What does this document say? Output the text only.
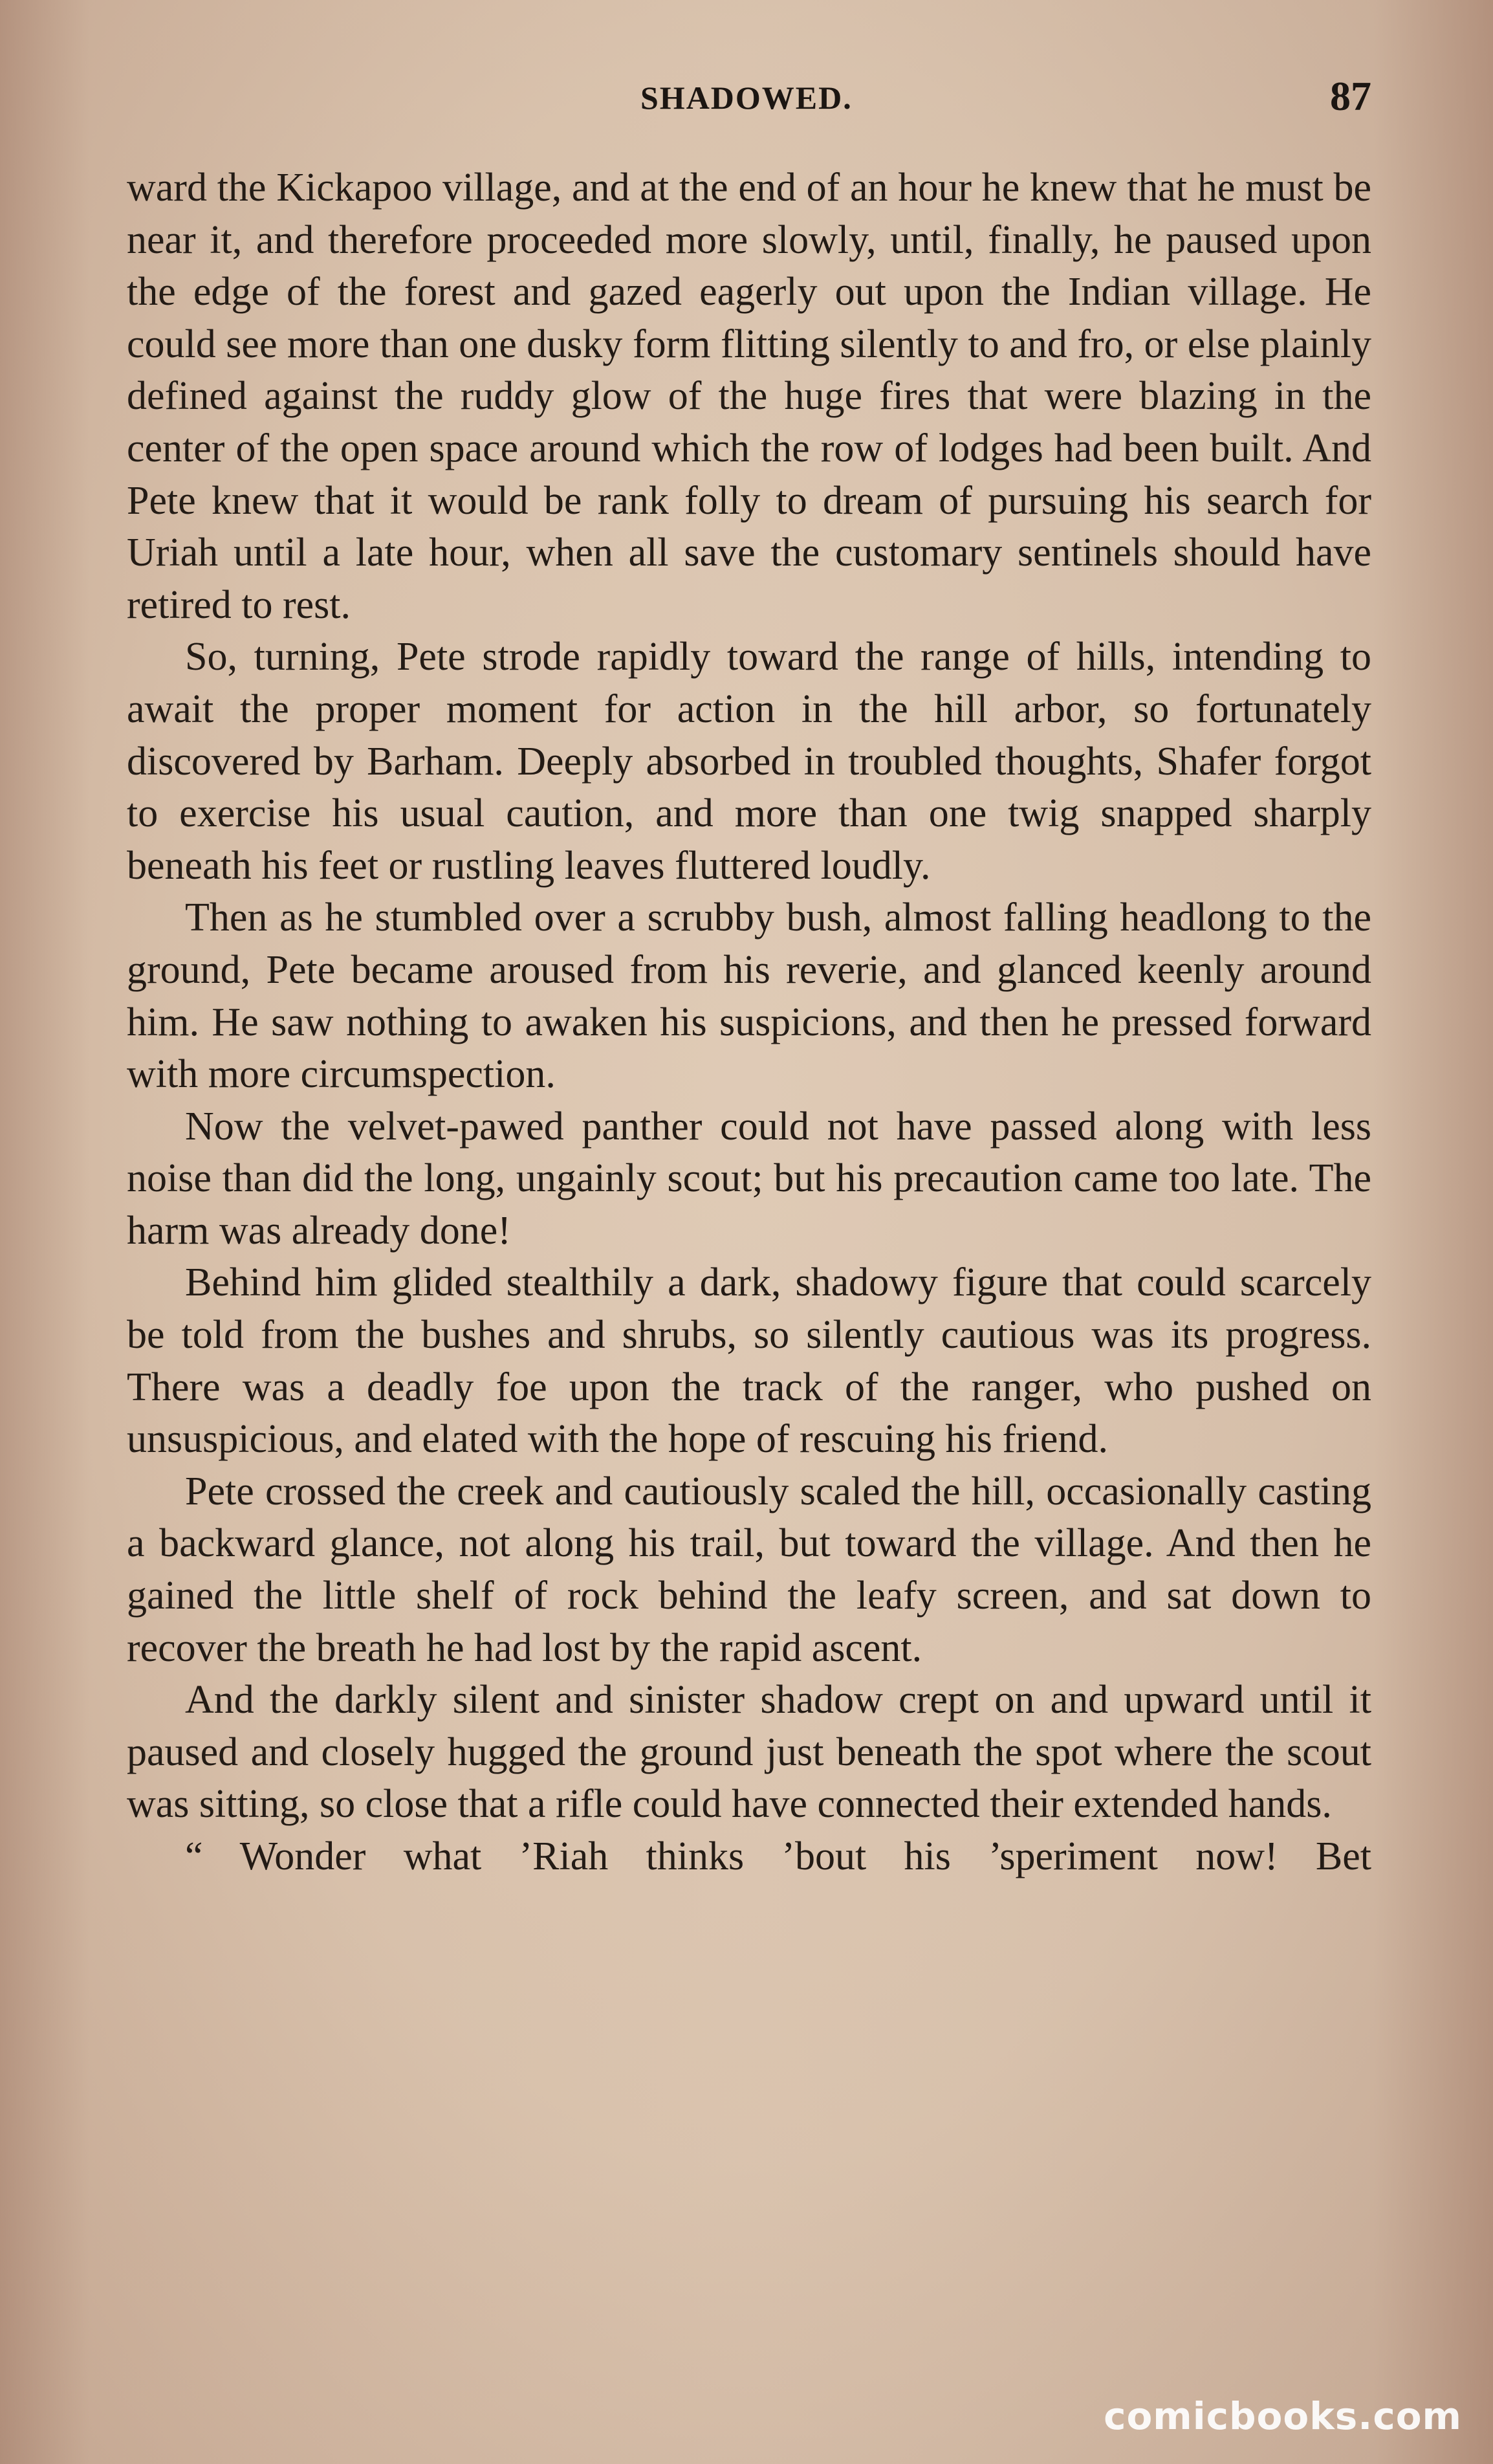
SHADOWED.	87

ward the Kickapoo village, and at the end of an hour he knew that he must be near it, and therefore proceeded more slowly, until, finally, he paused upon the edge of the forest and gazed eagerly out upon the Indian village. He could see more than one dusky form flitting silently to and fro, or else plainly defined against the ruddy glow of the huge fires that were blazing in the center of the open space around which the row of lodges had been built. And Pete knew that it would be rank folly to dream of pursuing his search for Uriah until a late hour, when all save the customary sentinels should have retired to rest.

So, turning, Pete strode rapidly toward the range of hills, intending to await the proper moment for action in the hill arbor, so fortunately discovered by Barham. Deeply absorbed in troubled thoughts, Shafer forgot to exercise his usual caution, and more than one twig snapped sharply beneath his feet or rustling leaves fluttered loudly.

Then as he stumbled over a scrubby bush, almost falling headlong to the ground, Pete became aroused from his reverie, and glanced keenly around him. He saw nothing to awaken his suspicions, and then he pressed forward with more circumspection.

Now the velvet-pawed panther could not have passed along with less noise than did the long, ungainly scout; but his precaution came too late. The harm was already done!

Behind him glided stealthily a dark, shadowy figure that could scarcely be told from the bushes and shrubs, so silently cautious was its progress. There was a deadly foe upon the track of the ranger, who pushed on unsuspicious, and elated with the hope of rescuing his friend.

Pete crossed the creek and cautiously scaled the hill, occasionally casting a backward glance, not along his trail, but toward the village. And then he gained the little shelf of rock behind the leafy screen, and sat down to recover the breath he had lost by the rapid ascent.

And the darkly silent and sinister shadow crept on and upward until it paused and closely hugged the ground just beneath the spot where the scout was sitting, so close that a rifle could have connected their extended hands.

“ Wonder what ’Riah thinks ’bout his ’speriment now! Bet

comicbooks.com
